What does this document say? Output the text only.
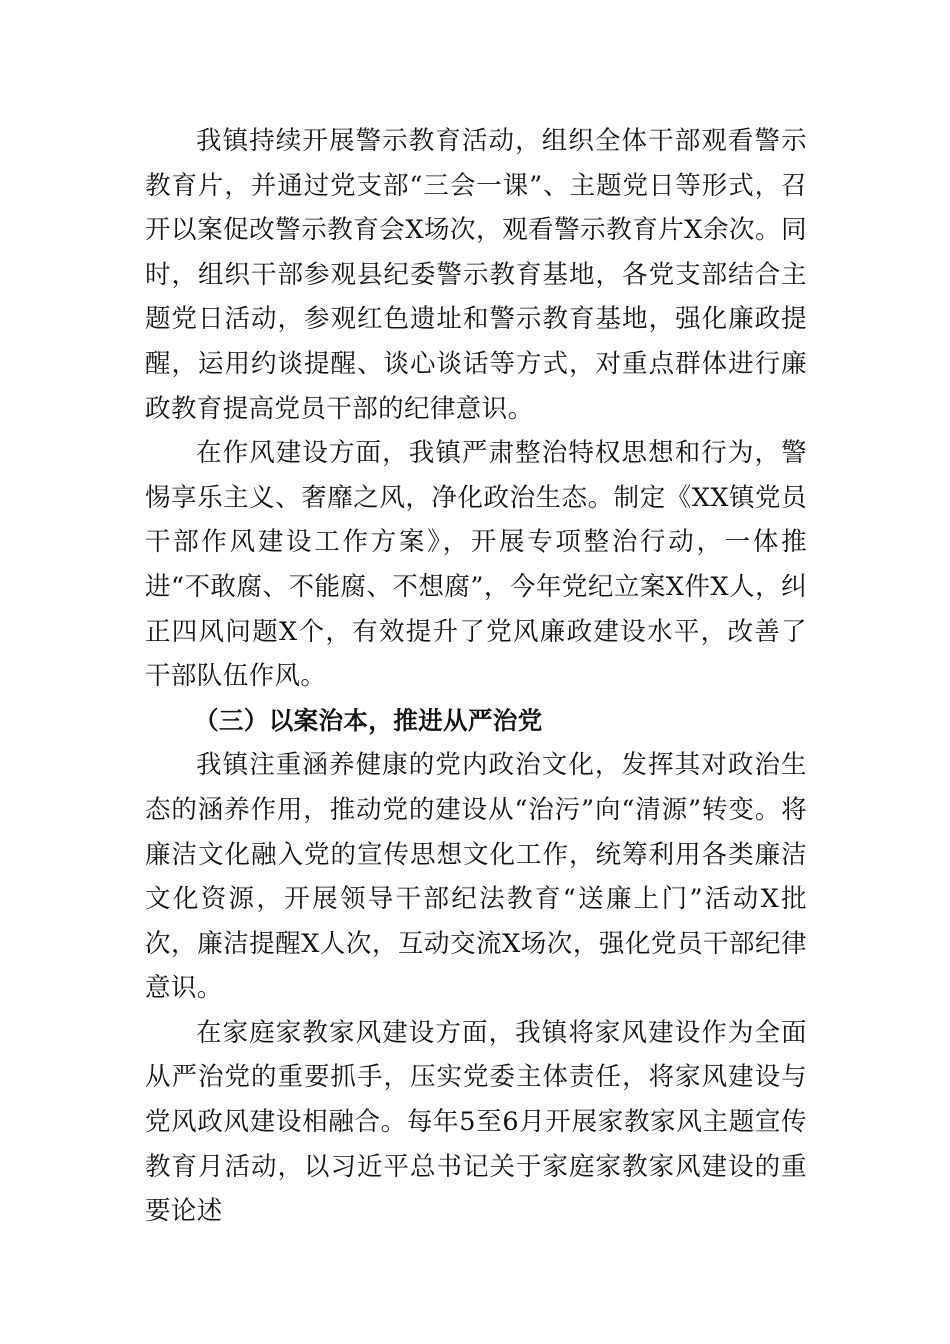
我镇持续开展警示教育活动，组织全体干部观看警示教育片，并通过党支部“三会一课”、主题党日等形式，召开以案促改警示教育会X场次，观看警示教育片X余次。同时，组织干部参观县纪委警示教育基地，各党支部结合主题党日活动，参观红色遗址和警示教育基地，强化廉政提醒，运用约谈提醒、谈心谈话等方式，对重点群体进行廉政教育提高党员干部的纪律意识。

在作风建设方面，我镇严肃整治特权思想和行为，警惕享乐主义、奢靡之风，净化政治生态。制定《XX镇党员干部作风建设工作方案》，开展专项整治行动，一体推进“不敢腐、不能腐、不想腐”，今年党纪立案X件X人，纠正四风问题X个，有效提升了党风廉政建设水平，改善了干部队伍作风。

（三）以案治本，推进从严治党

我镇注重涵养健康的党内政治文化，发挥其对政治生态的涵养作用，推动党的建设从“治污”向“清源”转变。将廉洁文化融入党的宣传思想文化工作，统筹利用各类廉洁文化资源，开展领导干部纪法教育“送廉上门”活动X批次，廉洁提醒X人次，互动交流X场次，强化党员干部纪律意识。

在家庭家教家风建设方面，我镇将家风建设作为全面从严治党的重要抓手，压实党委主体责任，将家风建设与党风政风建设相融合。每年5至6月开展家教家风主题宣传教育月活动，以习近平总书记关于家庭家教家风建设的重要论述
